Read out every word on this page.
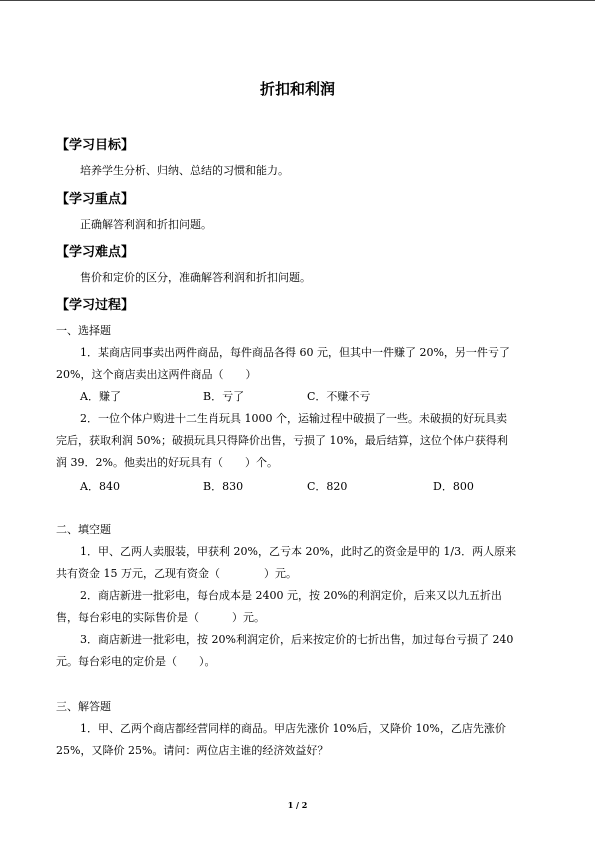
折扣和利润
【学习目标】
培养学生分析、归纳、总结的习惯和能力。
【学习重点】
正确解答利润和折扣问题。
【学习难点】
售价和定价的区分，准确解答利润和折扣问题。
【学习过程】
一、选择题
1．某商店同事卖出两件商品，每件商品各得 60 元，但其中一件赚了 20%，另一件亏了
20%，这个商店卖出这两件商品（　　）
A．赚了	B．亏了	C．不赚不亏
2．一位个体户购进十二生肖玩具 1000 个，运输过程中破损了一些。未破损的好玩具卖
完后，获取利润 50%；破损玩具只得降价出售，亏损了 10%，最后结算，这位个体户获得利
润 39．2%。他卖出的好玩具有（　　）个。
A．840	B．830	C．820	D．800
二、填空题
1．甲、乙两人卖服装，甲获利 20%，乙亏本 20%，此时乙的资金是甲的 1/3．两人原来
共有资金 15 万元，乙现有资金（　　　　）元。
2．商店新进一批彩电，每台成本是 2400 元，按 20%的利润定价，后来又以九五折出
售，每台彩电的实际售价是（　　　）元。
3．商店新进一批彩电，按 20%利润定价，后来按定价的七折出售，加过每台亏损了 240
元。每台彩电的定价是（　　）。
三、解答题
1．甲、乙两个商店都经营同样的商品。甲店先涨价 10%后，又降价 10%，乙店先涨价
25%，又降价 25%。请问：两位店主谁的经济效益好？
1 / 2
